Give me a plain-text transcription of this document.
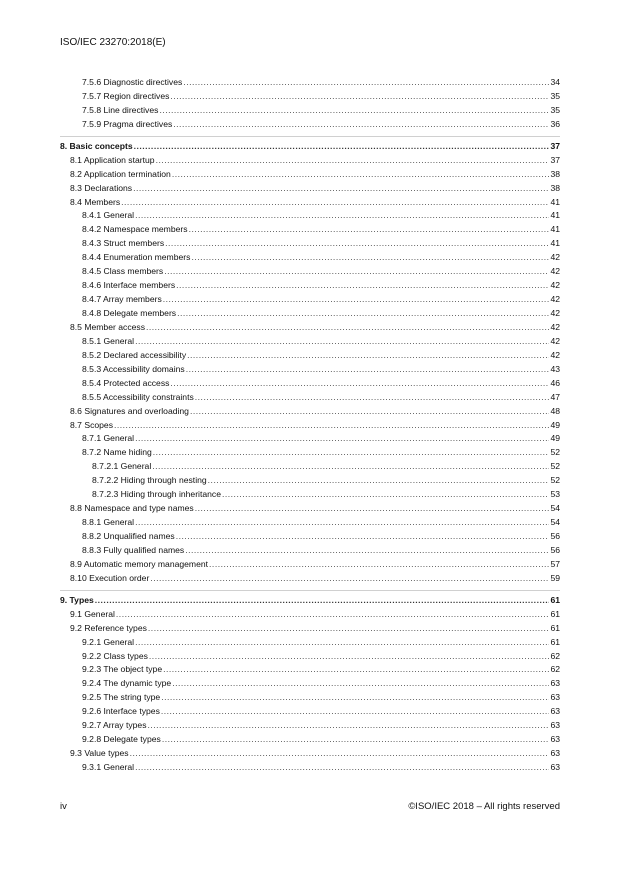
ISO/IEC 23270:2018(E)
7.5.6 Diagnostic directives .....	34
7.5.7 Region directives .....	35
7.5.8 Line directives .....	35
7.5.9 Pragma directives .....	36
8. Basic concepts .....	37
8.1 Application startup .....	37
8.2 Application termination .....	38
8.3 Declarations .....	38
8.4 Members .....	41
8.4.1 General .....	41
8.4.2 Namespace members .....	41
8.4.3 Struct members .....	41
8.4.4 Enumeration members .....	42
8.4.5 Class members .....	42
8.4.6 Interface members .....	42
8.4.7 Array members .....	42
8.4.8 Delegate members .....	42
8.5 Member access .....	42
8.5.1 General .....	42
8.5.2 Declared accessibility .....	42
8.5.3 Accessibility domains .....	43
8.5.4 Protected access .....	46
8.5.5 Accessibility constraints .....	47
8.6 Signatures and overloading .....	48
8.7 Scopes .....	49
8.7.1 General .....	49
8.7.2 Name hiding .....	52
8.7.2.1 General .....	52
8.7.2.2 Hiding through nesting .....	52
8.7.2.3 Hiding through inheritance .....	53
8.8 Namespace and type names .....	54
8.8.1 General .....	54
8.8.2 Unqualified names .....	56
8.8.3 Fully qualified names .....	56
8.9 Automatic memory management .....	57
8.10 Execution order .....	59
9. Types .....	61
9.1 General .....	61
9.2 Reference types .....	61
9.2.1 General .....	61
9.2.2 Class types .....	62
9.2.3 The object type .....	62
9.2.4 The dynamic type .....	63
9.2.5 The string type .....	63
9.2.6 Interface types .....	63
9.2.7 Array types .....	63
9.2.8 Delegate types .....	63
9.3 Value types .....	63
9.3.1 General .....	63
iv	©ISO/IEC 2018 – All rights reserved
